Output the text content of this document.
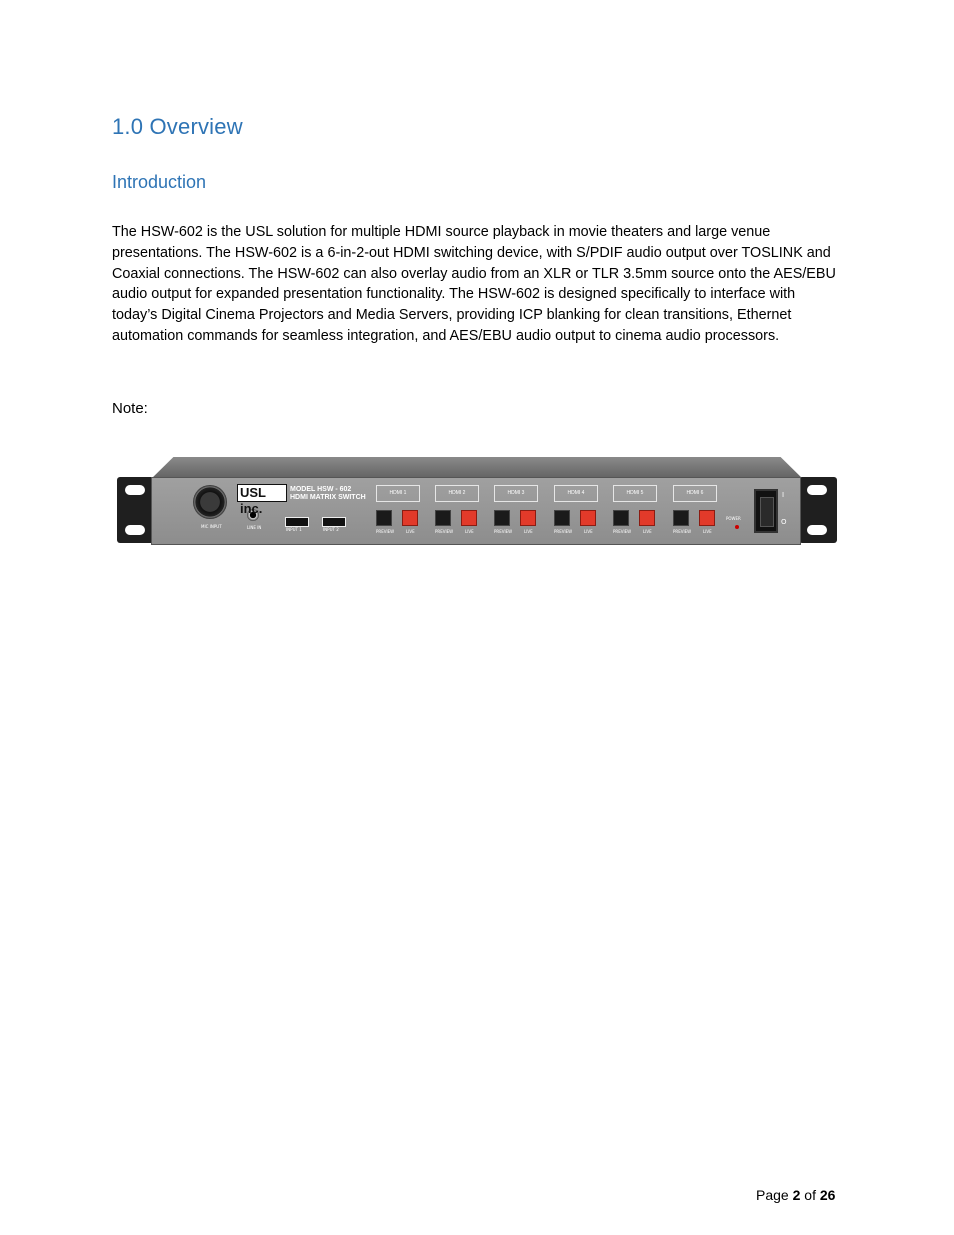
1.0 Overview
Introduction

The HSW-602 is the USL solution for multiple HDMI source playback in movie theaters and large venue presentations. The HSW-602 is a 6-in-2-out HDMI switching device, with S/PDIF audio output over TOSLINK and Coaxial connections. The HSW-602 can also overlay audio from an XLR or TLR 3.5mm source onto the AES/EBU audio output for expanded presentation functionality. The HSW-602 is designed specifically to interface with today’s Digital Cinema Projectors and Media Servers, providing ICP blanking for clean transitions, Ethernet automation commands for seamless integration, and AES/EBU audio output to cinema audio processors.

Note:

MIC INPUT	LINE IN
USL inc.
MODEL HSW - 602
HDMI MATRIX SWITCH
INPUT 1	INPUT 2
HDMI 1
PREVIEW	LIVE
HDMI 2
PREVIEW	LIVE
HDMI 3
PREVIEW	LIVE
HDMI 4
PREVIEW	LIVE
HDMI 5
PREVIEW	LIVE
HDMI 6
PREVIEW	LIVE
POWER
I
O
Page 2 of 26
